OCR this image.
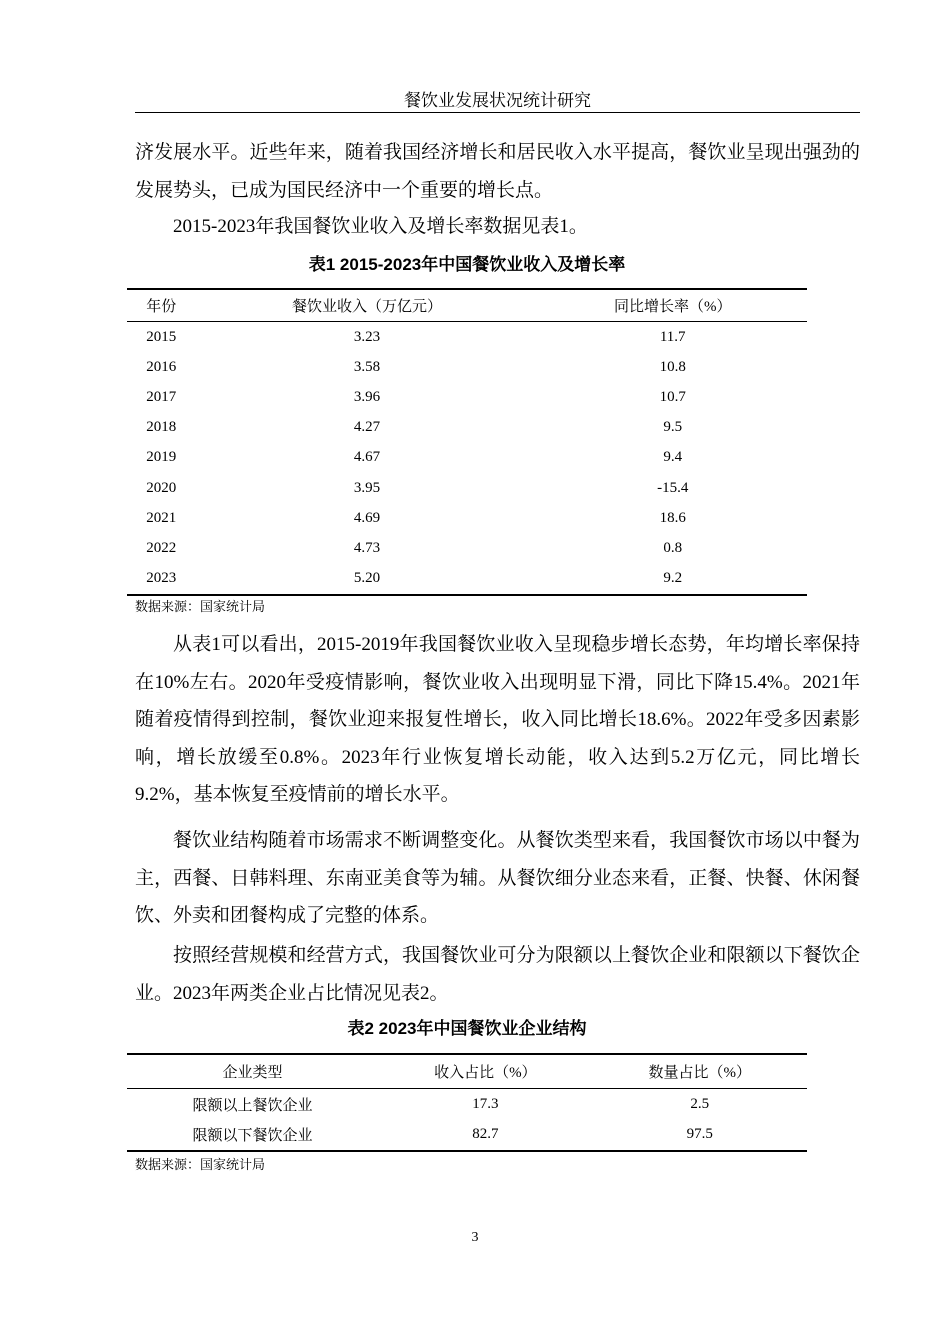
餐饮业发展状况统计研究

济发展水平。近些年来，随着我国经济增长和居民收入水平提高，餐饮业呈现出强劲的发展势头，已成为国民经济中一个重要的增长点。

2015-2023年我国餐饮业收入及增长率数据见表1。

表1 2015-2023年中国餐饮业收入及增长率
年份	餐饮业收入（万亿元）	同比增长率（%）
2015	3.23	11.7
2016	3.58	10.8
2017	3.96	10.7
2018	4.27	9.5
2019	4.67	9.4
2020	3.95	-15.4
2021	4.69	18.6
2022	4.73	0.8
2023	5.20	9.2
数据来源：国家统计局

从表1可以看出，2015-2019年我国餐饮业收入呈现稳步增长态势，年均增长率保持在10%左右。2020年受疫情影响，餐饮业收入出现明显下滑，同比下降15.4%。2021年随着疫情得到控制，餐饮业迎来报复性增长，收入同比增长18.6%。2022年受多因素影响，增长放缓至0.8%。2023年行业恢复增长动能，收入达到5.2万亿元，同比增长9.2%，基本恢复至疫情前的增长水平。

餐饮业结构随着市场需求不断调整变化。从餐饮类型来看，我国餐饮市场以中餐为主，西餐、日韩料理、东南亚美食等为辅。从餐饮细分业态来看，正餐、快餐、休闲餐饮、外卖和团餐构成了完整的体系。

按照经营规模和经营方式，我国餐饮业可分为限额以上餐饮企业和限额以下餐饮企业。2023年两类企业占比情况见表2。

表2 2023年中国餐饮业企业结构
企业类型	收入占比（%）	数量占比（%）
限额以上餐饮企业	17.3	2.5
限额以下餐饮企业	82.7	97.5
数据来源：国家统计局
3
